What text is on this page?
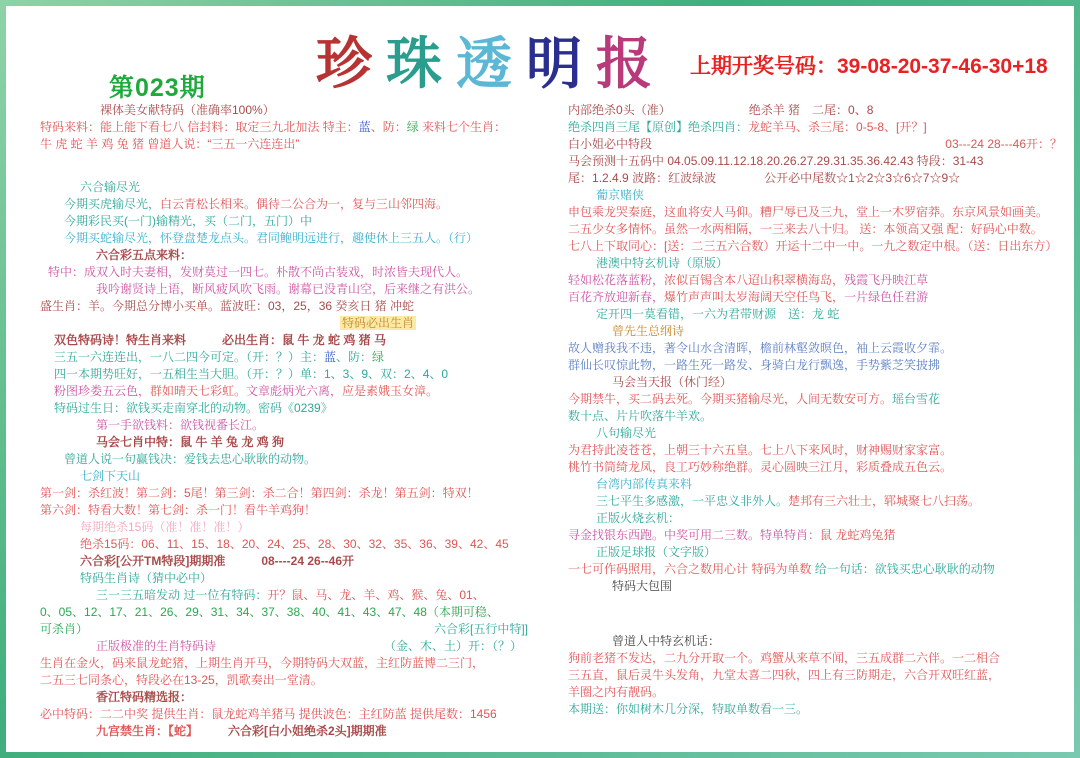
第023期 珍珠透明报 上期开奖号码：39-08-20-37-46-30+18
裸体美女献特码（准确率100%）
特码来料：能上能下看七八 信封料：取定三九北加法 特主：蓝、防：绿 来料七个生肖：
牛 虎 蛇 羊 鸡 兔 猪 曾道人说：“三五一六连连出”
六合输尽光
今期买虎输尽光，白云青松长相来。偶待二公合为一，复与三山邻四海。
今期彩民买(一门)输精光，买（二门，五门）中
今期买蛇输尽光，怀登盘楚龙点头。君同鲍明远进行，趣使休上三五人。（行）
六合彩五点来料：
特中：成双入时夫妻相，发财莫过一四七。朴散不尚古装戏，时浓皆夫现代人。
我吟谢贤诗上语，断风疲风吹飞雨。谢幕已没青山空，后来继之有洪公。
盛生肖：羊。今期总分博小买单。蓝波旺：03，25，36 癸亥日 猪 冲蛇
特码必出生肖
双色特码诗！特生肖来料　　　必出生肖：鼠 牛 龙 蛇 鸡 猪 马
三五一六连连出，一八二四今可定。（开：？）主：蓝、防：绿
四一本期势旺好，一五相生当大胆。（开：？）单：1、3、9、双：2、4、0
粉图珍娄五云色，群如晴天七彩虹。文章彪炳光六离，应是素娥玉女漳。
特码过生日：欲钱买走南穿北的动物。密码《0239》
第一手欲钱料：欲钱视番长江。
马会七肖中特：鼠 牛 羊 兔 龙 鸡 狗
曾道人说一句赢钱决：爱钱去忠心耿耿的动物。
七剑下天山
第一剑：杀红波！第二剑：5尾！第三剑：杀二合！第四剑：杀龙！第五剑：特双！
第六剑：特看大数！第七剑：杀一门！看牛羊鸡狗！
每期绝杀15码（准！准！准！）
绝杀15码：06、11、15、18、20、24、25、28、30、32、35、36、39、42、45
六合彩[公开TM特段]期期准　　　08----24 26--46开
特码生肖诗（猜中必中）
三一三五暗发动 过一位有特码：开？鼠、马、龙、羊、鸡、猴、兔、01、
0、05、12、17、21、26、29、31、34、37、38、40、41、43、47、48（本期可稳、
可杀肖）	六合彩[五行中特]]　
正版极准的生肖特码诗	（金、木、土）开：（？）　　
生肖在金火，码来鼠龙蛇猪，上期生肖开马，今期特码大双蓝，主红防蓝博二三门，
二五三七同条心，特段必在13-25，凯歌奏出一堂清。
香江特码精选报：
必中特码：二二中奖 提供生肖：鼠龙蛇鸡羊猪马 提供波色：主红防蓝 提供尾数：1456
九宫禁生肖：【蛇】　　　六合彩[白小姐绝杀2头]期期准
内部绝杀0头（准）　　　　　　　绝杀羊 猪　二尾：0、8
绝杀四肖三尾【原创】绝杀四肖：龙蛇羊马、杀三尾：0-5-8、[开？]
白小姐必中特段	03---24 28---46开：？　
马会预测十五码中 04.05.09.11.12.18.20.26.27.29.31.35.36.42.43 特段：31-43
尾：1.2.4.9 波路：红波绿波　　　　公开必中尾数☆1☆2☆3☆6☆7☆9☆
葡京赌侠
申包乘龙哭秦庭，这血将安人马仰。糟尸辱已及三九，堂上一木罗宿莽。东京风景如画美。
二五少女多情怀。虽然一水两相隔，一三来去八十归。 送：本领高又强 配：好码心中数。
七八上下取同心：[送：二三五六合数）开运十二中一中。一九之数定中根。（送：日出东方）
港澳中特玄机诗（原版）
轻如松花落蓝粉，浓似百锡含本八迢山积翠横海岛，残霞飞丹映江草
百花齐放迎新春，爆竹声声叫太岁海阔天空任鸟飞，一片绿色任君游
定开四一莫看错，一六为君带财源　送：龙 蛇
曾先生总纲诗
故人赠我我不违，著令山水含清晖，檐前林壑敛暝色，袖上云霞收夕霏。
群仙长叹惊此物，一路生死一路发、身骑白龙行飘逸，手势紫芝笑披拂
马会当天报（休门经）
今期禁牛，买二码去死。今期买猪输尽光，人间无数安可方。瑶台雪花
数十点、片片吹落牛羊欢。
八句输尽光
为君持此凌苍苍，上朝三十六五皇。七上八下来风时，财神赐财家家富。
桃竹书筒绮龙凤，良工巧妙称绝群。灵心圆映三江月，彩质叠成五色云。
台湾内部传真来料
三七平生多感激，一平忠义非外人。楚邦有三六壮士，郓城聚七八扫荡。
正版火烧玄机：
寻金找银东西跑。中奖可用二三数。特单特肖：鼠 龙蛇鸡兔猪
正版足球报（文字版）
一七可作码照用，六合之数用心计 特码为单数 给一句话：欲钱买忠心耿耿的动物
特码大包围
曾道人中特玄机话：
狗前老猪不发达，二九分开取一个。鸡蟹从来草不闻，三五成群二六伴。一二相合
三五直，鼠后灵牛头发角，九堂太喜二四秋，四上有三防期走，六合开双旺红蓝，
羊圈之内有靓码。
本期送：你如树木几分深，特取单数看一三。
